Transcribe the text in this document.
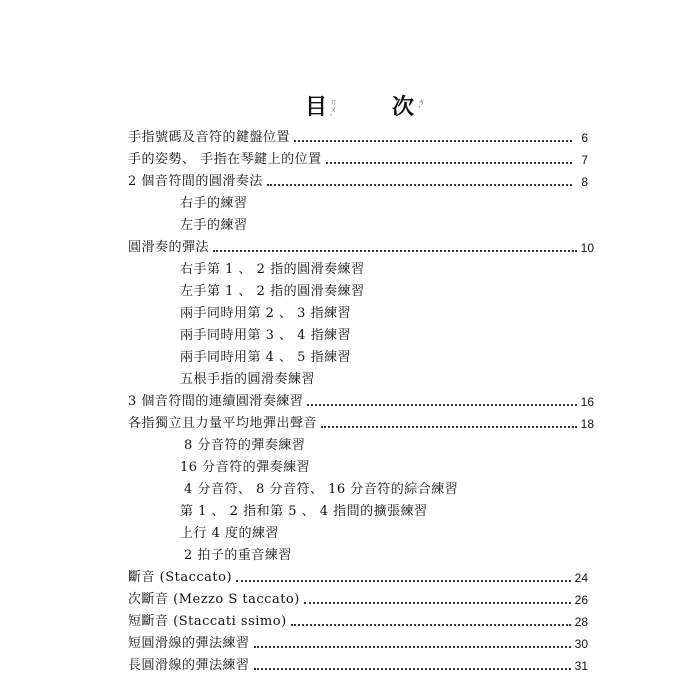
目 ㄇㄨˋ	次 ㄘˋ
手指號碼及音符的鍵盤位置	6
手的姿勢、 手指在琴鍵上的位置	7
2 個音符間的圓滑奏法	8
右手的練習
左手的練習
圓滑奏的彈法	10
右手第 1 、 2 指的圓滑奏練習
左手第 1 、 2 指的圓滑奏練習
兩手同時用第 2 、 3 指練習
兩手同時用第 3 、 4 指練習
兩手同時用第 4 、 5 指練習
五根手指的圓滑奏練習
3 個音符間的連續圓滑奏練習	16
各指獨立且力量平均地彈出聲音	18
8 分音符的彈奏練習
16 分音符的彈奏練習
4 分音符、 8 分音符、 16 分音符的綜合練習
第 1 、 2 指和第 5 、 4 指間的擴張練習
上行 4 度的練習
2 拍子的重音練習
斷音 (Staccato)	24
次斷音 (Mezzo S taccato)	26
短斷音 (Staccati ssimo)	28
短圓滑線的彈法練習	30
長圓滑線的彈法練習	31
